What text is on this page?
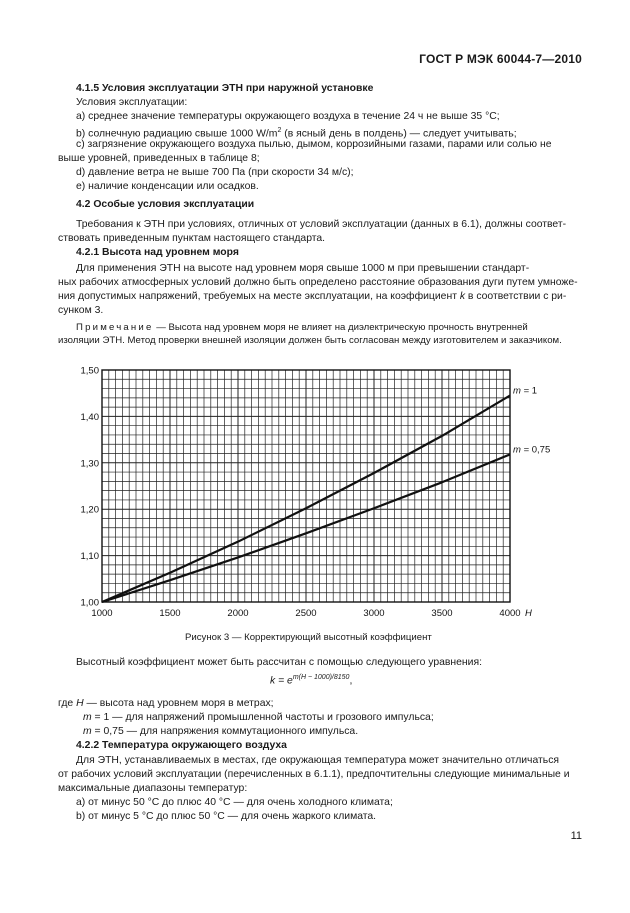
ГОСТ Р МЭК 60044-7—2010
4.1.5 Условия эксплуатации ЭТН при наружной установке
Условия эксплуатации:
а) среднее значение температуры окружающего воздуха в течение 24 ч не выше 35 °С;
b) солнечную радиацию свыше 1000 $W/m^2$ (в ясный день в полдень) — следует учитывать;
с) загрязнение окружающего воздуха пылью, дымом, коррозийными газами, парами или солью не
выше уровней, приведенных в таблице 8;
d) давление ветра не выше 700 Па (при скорости 34 м/с);
е) наличие конденсации или осадков.
4.2 Особые условия эксплуатации
Требования к ЭТН при условиях, отличных от условий эксплуатации (данных в 6.1), должны соответ-
ствовать приведенным пунктам настоящего стандарта.
4.2.1 Высота над уровнем моря
Для применения ЭТН на высоте над уровнем моря свыше 1000 м при превышении стандарт-
ных рабочих атмосферных условий должно быть определено расстояние образования дуги путем умноже-
ния допустимых напряжений, требуемых на месте эксплуатации, на коэффициент k в соответствии с ри-
сунком 3.
Примечание — Высота над уровнем моря не влияет на диэлектрическую прочность внутренней
изоляции ЭТН. Метод проверки внешней изоляции должен быть согласован между изготовителем и заказчиком.
1000	1500	2000	2500	3000	3500	4000
1,00
1,10
1,20
1,30
1,40
1,50
H
m = 1
m = 0,75
Рисунок 3 — Корректирующий высотный коэффициент
Высотный коэффициент может быть рассчитан с помощью следующего уравнения:
$k = e^{m(H - 1000)/8150}$,
где H — высота над уровнем моря в метрах;
m = 1 — для напряжений промышленной частоты и грозового импульса;
m = 0,75 — для напряжения коммутационного импульса.
4.2.2 Температура окружающего воздуха
Для ЭТН, устанавливаемых в местах, где окружающая температура может значительно отличаться
от рабочих условий эксплуатации (перечисленных в 6.1.1), предпочтительны следующие минимальные и
максимальные диапазоны температур:
а) от минус 50 °С до плюс 40 °С — для очень холодного климата;
b) от минус 5 °С до плюс 50 °С — для очень жаркого климата.
11
